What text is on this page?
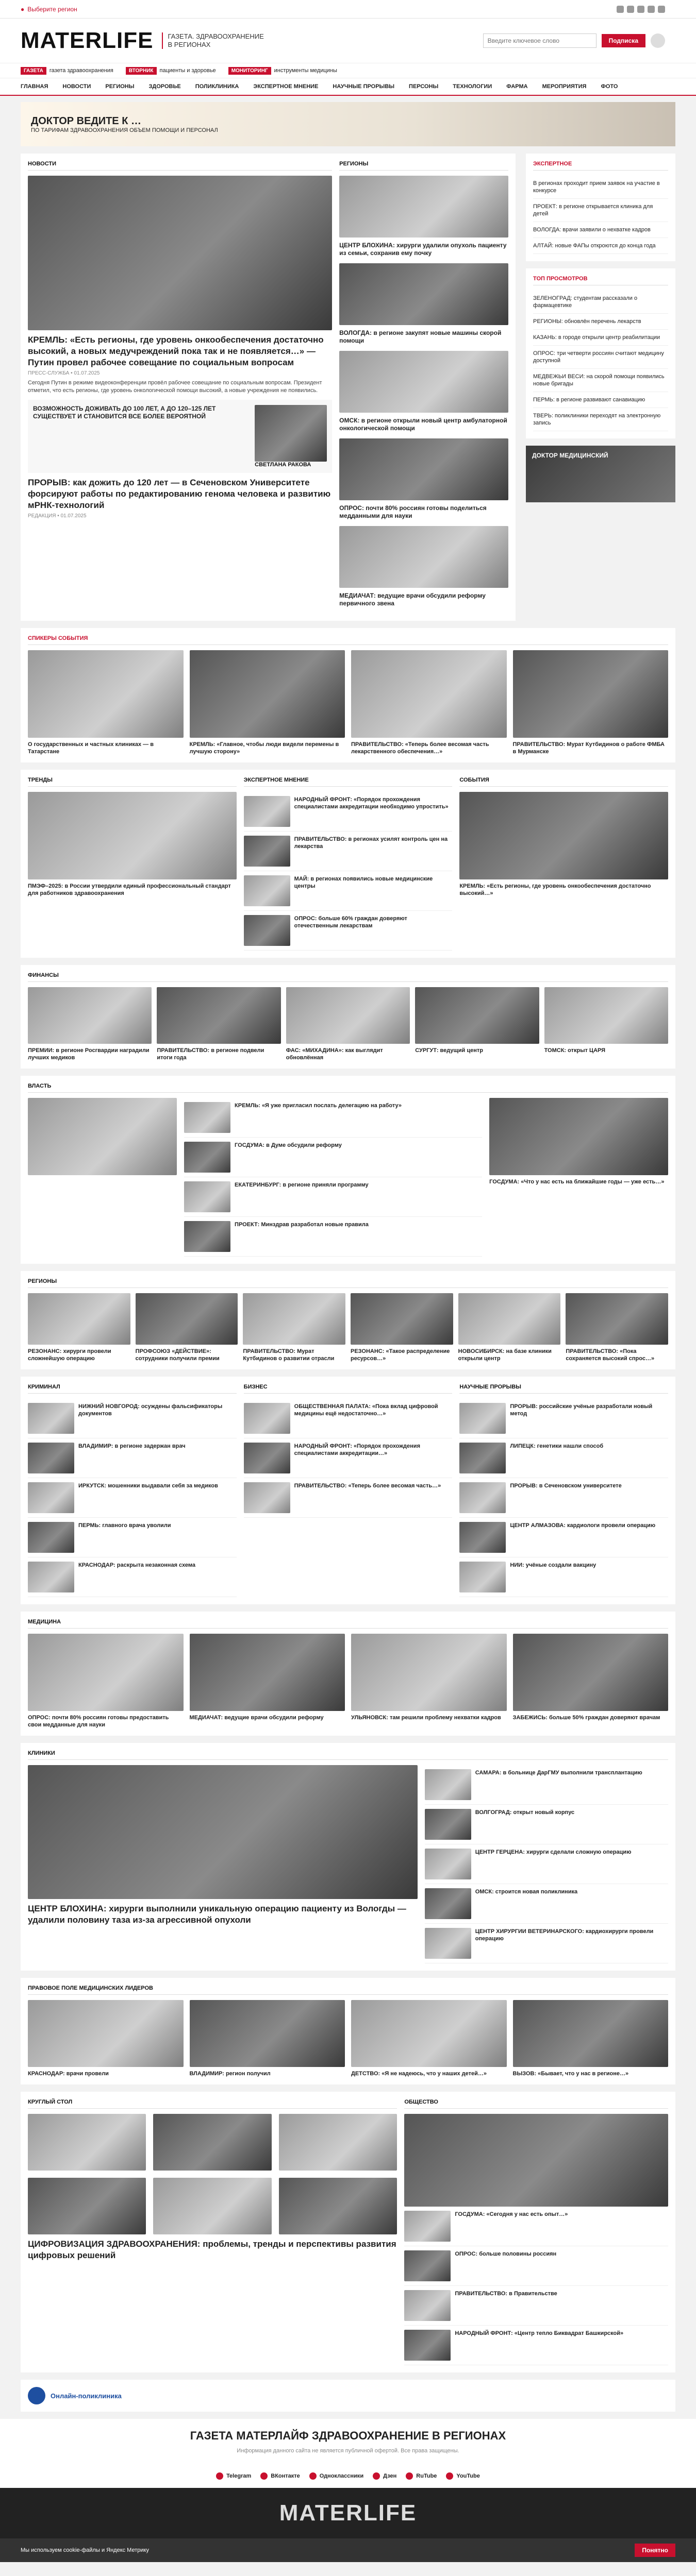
● Выберите регион
MATERLIFE	ГАЗЕТА. ЗДРАВООХРАНЕНИЕ В РЕГИОНАХ
Введите ключевое слово	Подписка
ГАЗЕТА газета здравоохранения	ВТОРНИК пациенты и здоровье	МОНИТОРИНГ инструменты медицины
ГЛАВНАЯ	НОВОСТИ	РЕГИОНЫ	ЗДОРОВЬЕ	ПОЛИКЛИНИКА	ЭКСПЕРТНОЕ МНЕНИЕ	НАУЧНЫЕ ПРОРЫВЫ	ПЕРСОНЫ	ТЕХНОЛОГИИ	ФАРМА	МЕРОПРИЯТИЯ	ФОТО
ДОКТОР ВЕДИТЕ К …
ПО ТАРИФАМ ЗДРАВООХРАНЕНИЯ ОБЪЕМ ПОМОЩИ И ПЕРСОНАЛ
НОВОСТИ
КРЕМЛЬ: «Есть регионы, где уровень онкообеспечения достаточно высокий, а новых медучреждений пока так и не появляется…» — Путин провел рабочее совещание по социальным вопросам
ПРЕСС-СЛУЖБА • 01.07.2025
Сегодня Путин в режиме видеоконференции провёл рабочее совещание по социальным вопросам. Президент отметил, что есть регионы, где уровень онкологической помощи высокий, а новые учреждения не появились.
ВОЗМОЖНОСТЬ ДОЖИВАТЬ ДО 100 ЛЕТ, А ДО 120–125 ЛЕТ СУЩЕСТВУЕТ И СТАНОВИТСЯ ВСЕ БОЛЕЕ ВЕРОЯТНОЙ
СВЕТЛАНА РАКОВА
ПРОРЫВ: как дожить до 120 лет — в Сеченовском Университете форсируют работы по редактированию генома человека и развитию мРНК-технологий
РЕДАКЦИЯ • 01.07.2025
РЕГИОНЫ
ЦЕНТР БЛОХИНА: хирурги удалили опухоль пациенту из семьи, сохранив ему почку
ВОЛОГДА: в регионе закупят новые машины скорой помощи
ОМСК: в регионе открыли новый центр амбулаторной онкологической помощи
ОПРОС: почти 80% россиян готовы поделиться медданными для науки
МЕДИАЧАТ: ведущие врачи обсудили реформу первичного звена
ЭКСПЕРТНОЕ
В регионах проходит прием заявок на участие в конкурсе
ПРОЕКТ: в регионе открывается клиника для детей
ВОЛОГДА: врачи заявили о нехватке кадров
АЛТАЙ: новые ФАПы откроются до конца года
ТОП ПРОСМОТРОВ
ЗЕЛЕНОГРАД: студентам рассказали о фармацевтике
РЕГИОНЫ: обновлён перечень лекарств
КАЗАНЬ: в городе открыли центр реабилитации
ОПРОС: три четверти россиян считают медицину доступной
МЕДВЕЖЬИ ВЕСИ: на скорой помощи появились новые бригады
ПЕРМЬ: в регионе развивают санавиацию
ТВЕРЬ: поликлиники переходят на электронную запись
ДОКТОР МЕДИЦИНСКИЙ
СПИКЕРЫ СОБЫТИЯ
О государственных и частных клиниках — в Татарстане
КРЕМЛЬ: «Главное, чтобы люди видели перемены в лучшую сторону»
ПРАВИТЕЛЬСТВО: «Теперь более весомая часть лекарственного обеспечения…»
ПРАВИТЕЛЬСТВО: Мурат Кутбидинов о работе ФМБА в Мурманске
ТРЕНДЫ
ПМЭФ–2025: в России утвердили единый профессиональный стандарт для работников здравоохранения
ЭКСПЕРТНОЕ МНЕНИЕ
НАРОДНЫЙ ФРОНТ: «Порядок прохождения специалистами аккредитации необходимо упростить»
ПРАВИТЕЛЬСТВО: в регионах усилят контроль цен на лекарства
МАЙ: в регионах появились новые медицинские центры
ОПРОС: больше 60% граждан доверяют отечественным лекарствам
СОБЫТИЯ
КРЕМЛЬ: «Есть регионы, где уровень онкообеспечения достаточно высокий…»
ФИНАНСЫ
ПРЕМИИ: в регионе Росгвардии наградили лучших медиков
ПРАВИТЕЛЬСТВО: в регионе подвели итоги года
ФАС: «МИХАДИНА»: как выглядит обновлённая
СУРГУТ: ведущий центр	ТОМСК: открыт ЦАРЯ
ВЛАСТЬ
КРЕМЛЬ: «Я уже пригласил послать делегацию на работу»
ГОСДУМА: в Думе обсудили реформу
ЕКАТЕРИНБУРГ: в регионе приняли программу
ПРОЕКТ: Минздрав разработал новые правила
ГОСДУМА: «Что у нас есть на ближайшие годы — уже есть…»
РЕГИОНЫ
РЕЗОНАНС: хирурги провели сложнейшую операцию
ПРОФСОЮЗ «ДЕЙСТВИЕ»: сотрудники получили премии
ПРАВИТЕЛЬСТВО: Мурат Кутбидинов о развитии отрасли
РЕЗОНАНС: «Такое распределение ресурсов…»
НОВОСИБИРСК: на базе клиники открыли центр
ПРАВИТЕЛЬСТВО: «Пока сохраняется высокий спрос…»
КРИМИНАЛ
НИЖНИЙ НОВГОРОД: осуждены фальсификаторы документов
ВЛАДИМИР: в регионе задержан врач
ИРКУТСК: мошенники выдавали себя за медиков
ПЕРМЬ: главного врача уволили
КРАСНОДАР: раскрыта незаконная схема
БИЗНЕС
ОБЩЕСТВЕННАЯ ПАЛАТА: «Пока вклад цифровой медицины ещё недостаточно…»
НАРОДНЫЙ ФРОНТ: «Порядок прохождения специалистами аккредитации…»
ПРАВИТЕЛЬСТВО: «Теперь более весомая часть…»
НАУЧНЫЕ ПРОРЫВЫ
ПРОРЫВ: российские учёные разработали новый метод
ЛИПЕЦК: генетики нашли способ
ПРОРЫВ: в Сеченовском университете
ЦЕНТР АЛМАЗОВА: кардиологи провели операцию
НИИ: учёные создали вакцину
МЕДИЦИНА
ОПРОС: почти 80% россиян готовы предоставить свои медданные для науки
МЕДИАЧАТ: ведущие врачи обсудили реформу	УЛЬЯНОВСК: там решили проблему нехватки кадров	ЗАБЕЖИСЬ: больше 50% граждан доверяют врачам
КЛИНИКИ
ЦЕНТР БЛОХИНА: хирурги выполнили уникальную операцию пациенту из Вологды — удалили половину таза из-за агрессивной опухоли
САМАРА: в больнице ДарГМУ выполнили трансплантацию
ВОЛГОГРАД: открыт новый корпус
ЦЕНТР ГЕРЦЕНА: хирурги сделали сложную операцию
ОМСК: строится новая поликлиника
ЦЕНТР ХИРУРГИИ ВЕТЕРИНАРСКОГО: кардиохирурги провели операцию
ПРАВОВОЕ ПОЛЕ МЕДИЦИНСКИХ ЛИДЕРОВ
КРАСНОДАР: врачи провели	ВЛАДИМИР: регион получил	ДЕТСТВО: «Я не надеюсь, что у наших детей…»	ВЫЗОВ: «Бывает, что у нас в регионе…»
КРУГЛЫЙ СТОЛ
ЦИФРОВИЗАЦИЯ ЗДРАВООХРАНЕНИЯ: проблемы, тренды и перспективы развития цифровых решений
ОБЩЕСТВО
ГОСДУМА: «Сегодня у нас есть опыт…»
ОПРОС: больше половины россиян
ПРАВИТЕЛЬСТВО: в Правительстве
НАРОДНЫЙ ФРОНТ: «Центр тепло Биквадрат Башкирской»
Онлайн-поликлиника
ГАЗЕТА МАТЕРЛАЙФ ЗДРАВООХРАНЕНИЕ В РЕГИОНАХ
Информация данного сайта не является публичной офертой. Все права защищены.
Telegram	ВКонтакте	Одноклассники	Дзен	RuTube	YouTube
MATERLIFE
Мы используем cookie-файлы и Яндекс Метрику	Понятно
